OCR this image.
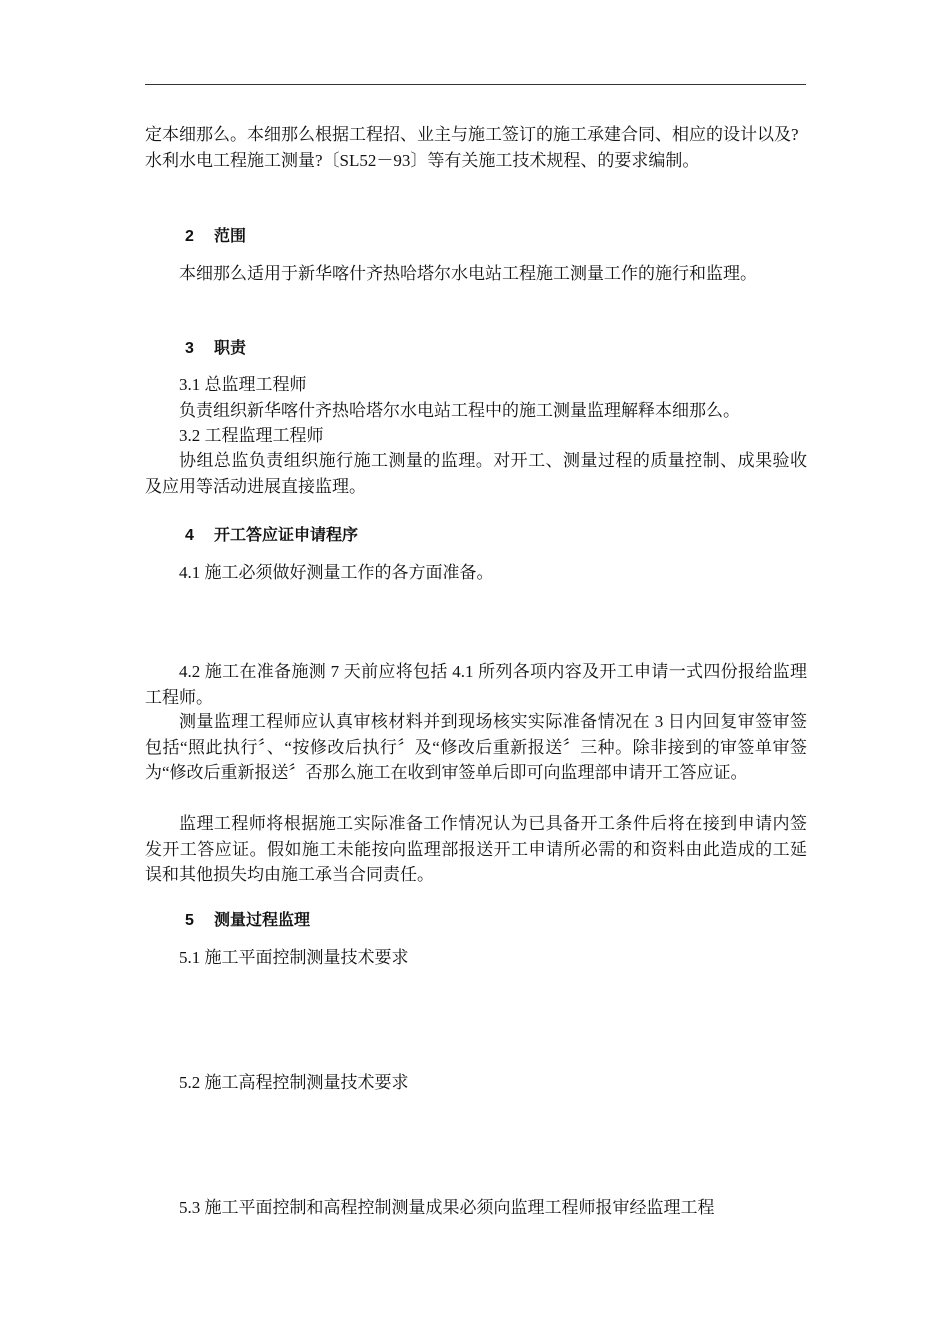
定本细那么。本细那么根据工程招、业主与施工签订的施工承建合同、相应的设计以及?水利水电工程施工测量?〔SL52－93〕等有关施工技术规程、的要求编制。

2 范围

本细那么适用于新华喀什齐热哈塔尔水电站工程施工测量工作的施行和监理。

3 职责

3.1 总监理工程师

负责组织新华喀什齐热哈塔尔水电站工程中的施工测量监理解释本细那么。

3.2 工程监理工程师

协组总监负责组织施行施工测量的监理。对开工、测量过程的质量控制、成果验收及应用等活动进展直接监理。

4 开工答应证申请程序

4.1 施工必须做好测量工作的各方面准备。

4.2 施工在准备施测 7 天前应将包括 4.1 所列各项内容及开工申请一式四份报给监理工程师。

测量监理工程师应认真审核材料并到现场核实实际准备情况在 3 日内回复审签审签包括“照此执行〞、“按修改后执行〞及“修改后重新报送〞三种。除非接到的审签单审签为“修改后重新报送〞否那么施工在收到审签单后即可向监理部申请开工答应证。

监理工程师将根据施工实际准备工作情况认为已具备开工条件后将在接到申请内签发开工答应证。假如施工未能按向监理部报送开工申请所必需的和资料由此造成的工延误和其他损失均由施工承当合同责任。

5 测量过程监理

5.1 施工平面控制测量技术要求

5.2 施工高程控制测量技术要求

5.3 施工平面控制和高程控制测量成果必须向监理工程师报审经监理工程
